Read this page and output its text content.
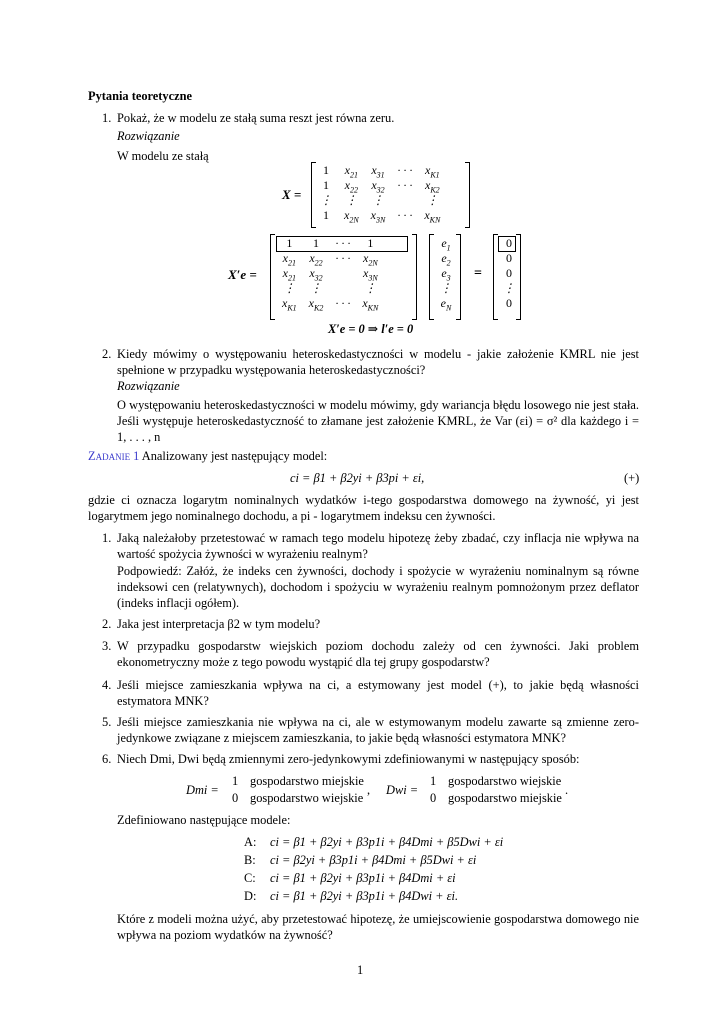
Pytania teoretyczne
1. Pokaż, że w modelu ze stałą suma reszt jest równa zeru.
Rozwiązanie
W modelu ze stałą
X =
1	$x_{21}$	$x_{31}$	· · ·	$x_{K1}$
1	$x_{22}$	$x_{32}$	· · ·	$x_{K2}$
⋮	⋮	⋮		⋮
1	$x_{2N}$	$x_{3N}$	· · ·	$x_{KN}$
X′e =
1	1	· · ·	1
$x_{21}$	$x_{22}$	· · ·	$x_{2N}$
$x_{21}$	$x_{32}$		$x_{3N}$
⋮	⋮		⋮
$x_{K1}$	$x_{K2}$	· · ·	$x_{KN}$
$e_1$
$e_2$
$e_3$
⋮
$e_N$
=
0
0
0
⋮
0
X′e = 0 ⇒ l′e = 0
2. Kiedy mówimy o występowaniu heteroskedastyczności w modelu - jakie założenie KMRL nie jest spełnione w przypadku występowania heteroskedastyczności?
Rozwiązanie
O występowaniu heteroskedastyczności w modelu mówimy, gdy wariancja błędu losowego nie jest stała. Jeśli występuje heteroskedastyczność to złamane jest założenie KMRL, że Var (εi) = σ² dla każdego i = 1, . . . , n
Zadanie 1 Analizowany jest następujący model:
ci = β1 + β2yi + β3pi + εi,	(+)
gdzie ci oznacza logarytm nominalnych wydatków i-tego gospodarstwa domowego na żywność, yi jest logarytmem jego nominalnego dochodu, a pi - logarytmem indeksu cen żywności.
1. Jaką należałoby przetestować w ramach tego modelu hipotezę żeby zbadać, czy inflacja nie wpływa na wartość spożycia żywności w wyrażeniu realnym?
Podpowiedź: Załóż, że indeks cen żywności, dochody i spożycie w wyrażeniu nominalnym są równe indeksowi cen (relatywnych), dochodom i spożyciu w wyrażeniu realnym pomnożonym przez deflator (indeks inflacji ogółem).
2. Jaka jest interpretacja β2 w tym modelu?
3. W przypadku gospodarstw wiejskich poziom dochodu zależy od cen żywności. Jaki problem ekonometryczny może z tego powodu wystąpić dla tej grupy gospodarstw?
4. Jeśli miejsce zamieszkania wpływa na ci, a estymowany jest model (+), to jakie będą własności estymatora MNK?
5. Jeśli miejsce zamieszkania nie wpływa na ci, ale w estymowanym modelu zawarte są zmienne zero-jedynkowe związane z miejscem zamieszkania, to jakie będą własności estymatora MNK?
6. Niech Dmi, Dwi będą zmiennymi zero-jedynkowymi zdefiniowanymi w następujący sposób:
Dmi =
1 gospodarstwo miejskie
0 gospodarstwo wiejskie
, Dwi =
1 gospodarstwo wiejskie
0 gospodarstwo miejskie
.
Zdefiniowano następujące modele:
A: ci = β1 + β2yi + β3p1i + β4Dmi + β5Dwi + εi
B: ci = β2yi + β3p1i + β4Dmi + β5Dwi + εi
C: ci = β1 + β2yi + β3p1i + β4Dmi + εi
D: ci = β1 + β2yi + β3p1i + β4Dwi + εi.
Które z modeli można użyć, aby przetestować hipotezę, że umiejscowienie gospodarstwa domowego nie wpływa na poziom wydatków na żywność?
1
